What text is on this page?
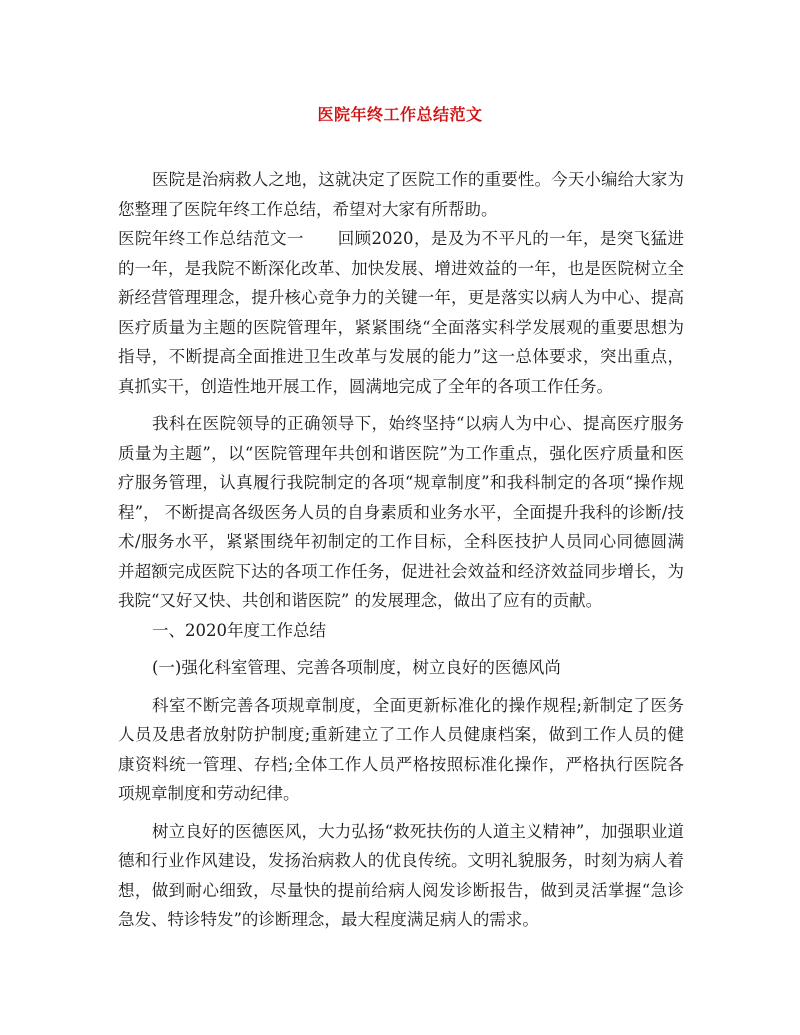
医院年终工作总结范文

医院是治病救人之地，这就决定了医院工作的重要性。今天小编给大家为您整理了医院年终工作总结，希望对大家有所帮助。

医院年终工作总结范文一　　回顾2020，是及为不平凡的一年，是突飞猛进的一年，是我院不断深化改革、加快发展、增进效益的一年，也是医院树立全新经营管理理念，提升核心竞争力的关键一年，更是落实以病人为中心、提高医疗质量为主题的医院管理年，紧紧围绕“全面落实科学发展观的重要思想为指导，不断提高全面推进卫生改革与发展的能力”这一总体要求，突出重点，真抓实干，创造性地开展工作，圆满地完成了全年的各项工作任务。

我科在医院领导的正确领导下，始终坚持“以病人为中心、提高医疗服务质量为主题”，以“医院管理年共创和谐医院”为工作重点，强化医疗质量和医疗服务管理，认真履行我院制定的各项“规章制度”和我科制定的各项“操作规程”， 不断提高各级医务人员的自身素质和业务水平，全面提升我科的诊断/技术/服务水平，紧紧围绕年初制定的工作目标，全科医技护人员同心同德圆满并超额完成医院下达的各项工作任务，促进社会效益和经济效益同步增长，为我院“又好又快、共创和谐医院” 的发展理念，做出了应有的贡献。

一、2020年度工作总结

(一)强化科室管理、完善各项制度，树立良好的医德风尚

科室不断完善各项规章制度，全面更新标准化的操作规程;新制定了医务人员及患者放射防护制度;重新建立了工作人员健康档案，做到工作人员的健康资料统一管理、存档;全体工作人员严格按照标准化操作，严格执行医院各项规章制度和劳动纪律。

树立良好的医德医风，大力弘扬“救死扶伤的人道主义精神”，加强职业道德和行业作风建设，发扬治病救人的优良传统。文明礼貌服务，时刻为病人着想，做到耐心细致，尽量快的提前给病人阅发诊断报告，做到灵活掌握“急诊急发、特诊特发”的诊断理念，最大程度满足病人的需求。
